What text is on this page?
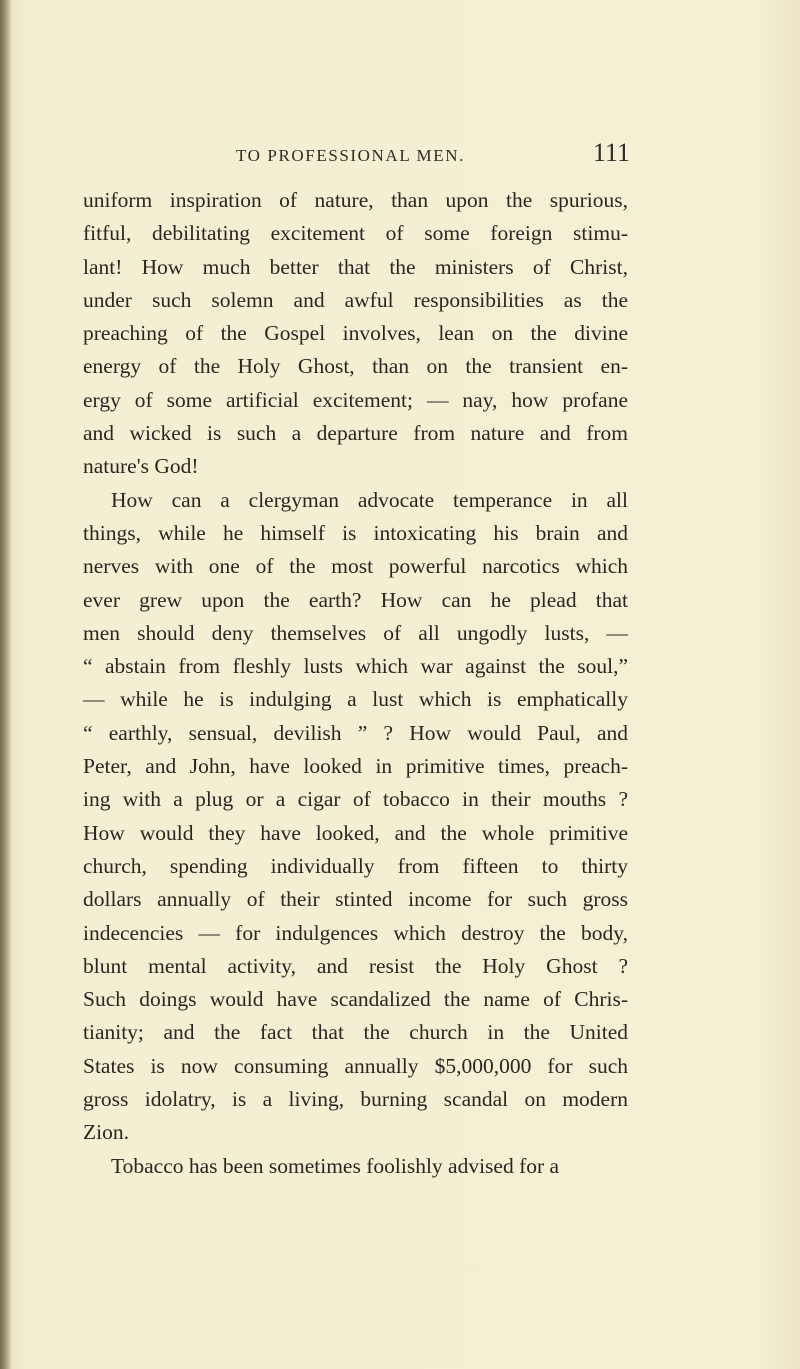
TO PROFESSIONAL MEN.	111
uniform inspiration of nature, than upon the spurious,
fitful, debilitating excitement of some foreign stimu-
lant! How much better that the ministers of Christ,
under such solemn and awful responsibilities as the
preaching of the Gospel involves, lean on the divine
energy of the Holy Ghost, than on the transient en-
ergy of some artificial excitement; — nay, how profane
and wicked is such a departure from nature and from
nature's God!
How can a clergyman advocate temperance in all
things, while he himself is intoxicating his brain and
nerves with one of the most powerful narcotics which
ever grew upon the earth? How can he plead that
men should deny themselves of all ungodly lusts, —
“ abstain from fleshly lusts which war against the soul,”
— while he is indulging a lust which is emphatically
“ earthly, sensual, devilish ” ? How would Paul, and
Peter, and John, have looked in primitive times, preach-
ing with a plug or a cigar of tobacco in their mouths ?
How would they have looked, and the whole primitive
church, spending individually from fifteen to thirty
dollars annually of their stinted income for such gross
indecencies — for indulgences which destroy the body,
blunt mental activity, and resist the Holy Ghost ?
Such doings would have scandalized the name of Chris-
tianity; and the fact that the church in the United
States is now consuming annually $5,000,000 for such
gross idolatry, is a living, burning scandal on modern
Zion.
Tobacco has been sometimes foolishly advised for a
